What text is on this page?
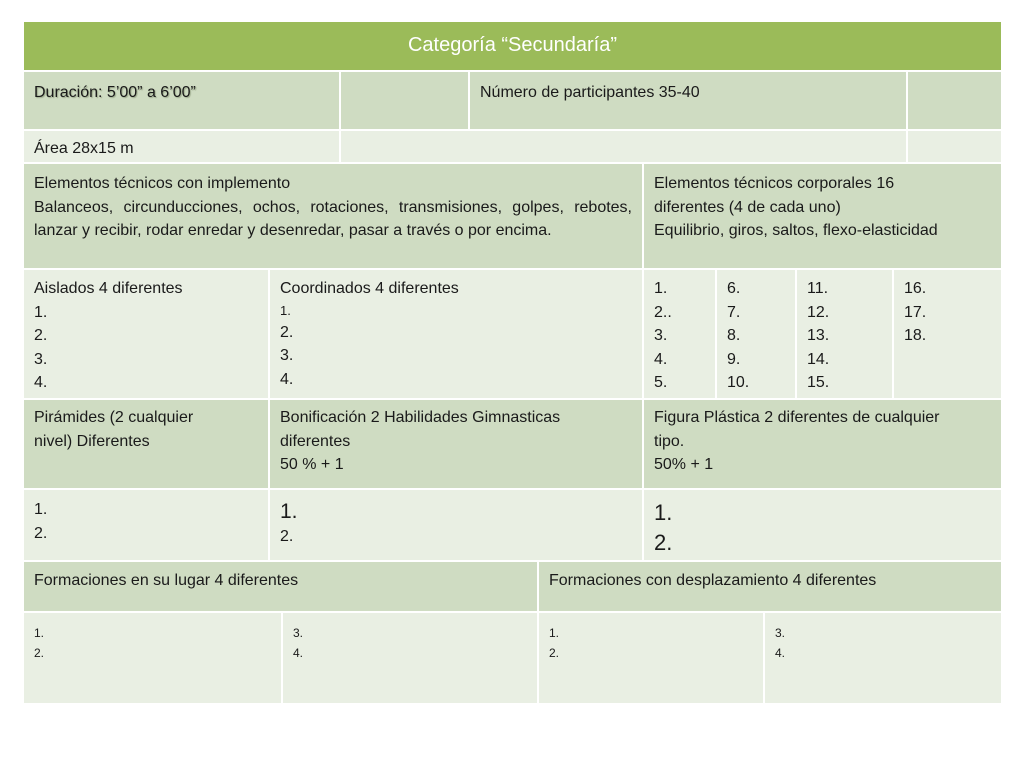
Categoría “Secundaría”
Duración: 5’00” a 6’00”	Número de participantes 35-40
Área 28x15 m
Elementos técnicos con implemento
Balanceos, circunducciones, ochos, rotaciones, transmisiones, golpes, rebotes, lanzar y recibir, rodar enredar y desenredar, pasar a través o por encima.
Elementos técnicos corporales 16
diferentes (4 de cada uno)
Equilibrio, giros, saltos, flexo-elasticidad
Aislados 4 diferentes
1.
2.
3.
4.
Coordinados 4 diferentes
1.
2.
3.
4.
1.
2..
3.
4.
5.
6.
7.
8.
9.
10.
11.
12.
13.
14.
15.
16.
17.
18.
Pirámides (2 cualquier
nivel) Diferentes
Bonificación 2 Habilidades Gimnasticas
diferentes
50 % + 1
Figura Plástica 2 diferentes de cualquier
tipo.
50% + 1
1.
2.
1.
2.
1.
2.
Formaciones en su lugar 4 diferentes	Formaciones con desplazamiento 4 diferentes
1.
2.
3.
4.
1.
2.
3.
4.
